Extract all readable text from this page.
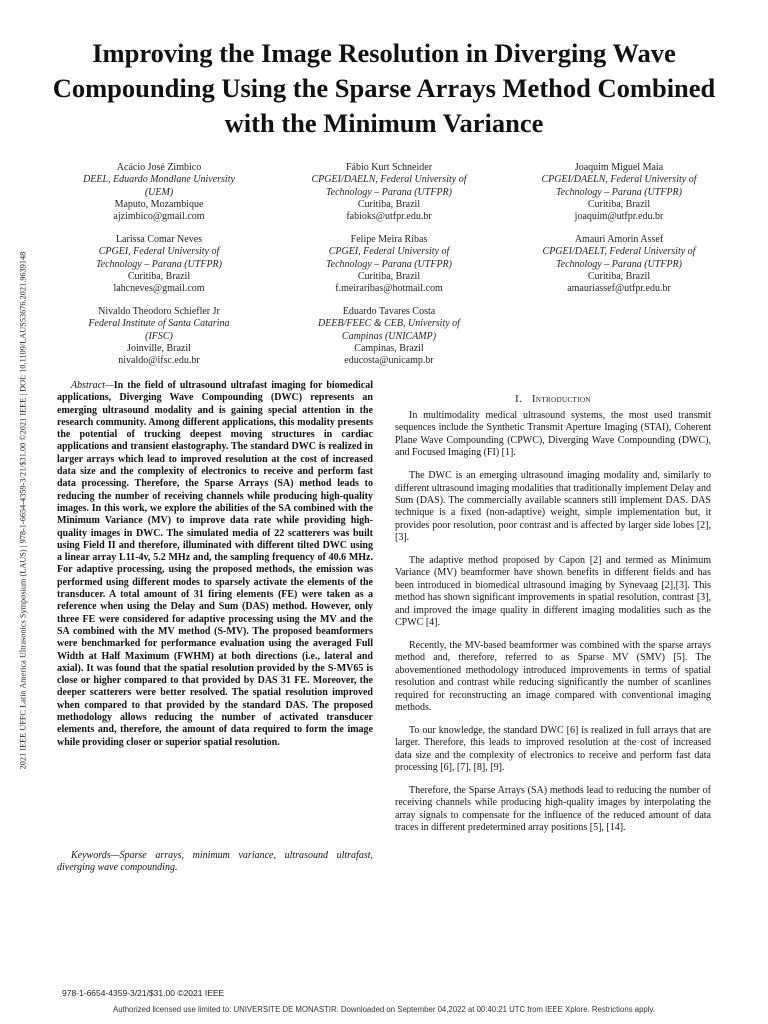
2021 IEEE UFFC Latin America Ultrasonics Symposium (LAUS) | 978-1-6654-4359-3/21/$31.00 ©2021 IEEE | DOI: 10.1109/LAUS53676.2021.9639148
Improving the Image Resolution in Diverging Wave Compounding Using the Sparse Arrays Method Combined with the Minimum Variance
Acácio José Zimbico
DEEL, Eduardo Mondlane University
(UEM)
Maputo, Mozambique
ajzimbico@gmail.com
Fábio Kurt Schneider
CPGEI/DAELN, Federal University of
Technology – Parana (UTFPR)
Curitiba, Brazil
fabioks@utfpr.edu.br
Joaquim Miguel Maia
CPGEI/DAELN, Federal University of
Technology – Parana (UTFPR)
Curitiba, Brazil
joaquim@utfpr.edu.br
Larissa Comar Neves
CPGEI, Federal University of
Technology – Parana (UTFPR)
Curitiba, Brazil
lahcneves@gmail.com
Felipe Meira Ribas
CPGEI, Federal University of
Technology – Parana (UTFPR)
Curitiba, Brazil
f.meiraribas@hotmail.com
Amauri Amorin Assef
CPGEI/DAELT, Federal University of
Technology – Parana (UTFPR)
Curitiba, Brazil
amauriassef@utfpr.edu.br
Nivaldo Theodoro Schiefler Jr
Federal Institute of Santa Catarina
(IFSC)
Joinville, Brazil
nivaldo@ifsc.edu.br
Eduardo Tavares Costa
DEEB/FEEC & CEB, University of
Campinas (UNICAMP)
Campinas, Brazil
educosta@unicamp.br
Abstract—In the field of ultrasound ultrafast imaging for biomedical applications, Diverging Wave Compounding (DWC) represents an emerging ultrasound modality and is gaining special attention in the research community. Among different applications, this modality presents the potential of trucking deepest moving structures in cardiac applications and transient elastography. The standard DWC is realized in larger arrays which lead to improved resolution at the cost of increased data size and the complexity of electronics to receive and perform fast data processing. Therefore, the Sparse Arrays (SA) method leads to reducing the number of receiving channels while producing high-quality images. In this work, we explore the abilities of the SA combined with the Minimum Variance (MV) to improve data rate while providing high-quality images in DWC. The simulated media of 22 scatterers was built using Field II and therefore, illuminated with different tilted DWC using a linear array L11-4v, 5.2 MHz and, the sampling frequency of 40.6 MHz. For adaptive processing, using the proposed methods, the emission was performed using different modes to sparsely activate the elements of the transducer. A total amount of 31 firing elements (FE) were taken as a reference when using the Delay and Sum (DAS) method. However, only three FE were considered for adaptive processing using the MV and the SA combined with the MV method (S-MV). The proposed beamformers were benchmarked for performance evaluation using the averaged Full Width at Half Maximum (FWHM) at both directions (i.e., lateral and axial). It was found that the spatial resolution provided by the S-MV65 is close or higher compared to that provided by DAS 31 FE. Moreover, the deeper scatterers were better resolved. The spatial resolution improved when compared to that provided by the standard DAS. The proposed methodology allows reducing the number of activated transducer elements and, therefore, the amount of data required to form the image while providing closer or superior spatial resolution.
Keywords—Sparse arrays, minimum variance, ultrasound ultrafast, diverging wave compounding.
I. Introduction

In multimodality medical ultrasound systems, the most used transmit sequences include the Synthetic Transmit Aperture Imaging (STAI), Coherent Plane Wave Compounding (CPWC), Diverging Wave Compounding (DWC), and Focused Imaging (FI) [1].

The DWC is an emerging ultrasound imaging modality and, similarly to different ultrasound imaging modalities that traditionally implement Delay and Sum (DAS). The commercially available scanners still implement DAS. DAS technique is a fixed (non-adaptive) weight, simple implementation but, it provides poor resolution, poor contrast and is affected by larger side lobes [2], [3].

The adaptive method proposed by Capon [2] and termed as Minimum Variance (MV) beamformer have shown benefits in different fields and has been introduced in biomedical ultrasound imaging by Synevaag [2],[3]. This method has shown significant improvements in spatial resolution, contrast [3], and improved the image quality in different imaging modalities such as the CPWC [4].

Recently, the MV-based beamformer was combined with the sparse arrays method and, therefore, referred to as Sparse MV (SMV) [5]. The abovementioned methodology introduced improvements in terms of spatial resolution and contrast while reducing significantly the number of scanlines required for reconstructing an image compared with conventional imaging methods.

To our knowledge, the standard DWC [6] is realized in full arrays that are larger. Therefore, this leads to improved resolution at the cost of increased data size and the complexity of electronics to receive and perform fast data processing [6], [7], [8], [9].

Therefore, the Sparse Arrays (SA) methods lead to reducing the number of receiving channels while producing high-quality images by interpolating the array signals to compensate for the influence of the reduced amount of data traces in different predetermined array positions [5], [14].

978-1-6654-4359-3/21/$31.00 ©2021 IEEE
Authorized licensed use limited to: UNIVERSITE DE MONASTIR. Downloaded on September 04,2022 at 00:40:21 UTC from IEEE Xplore. Restrictions apply.
